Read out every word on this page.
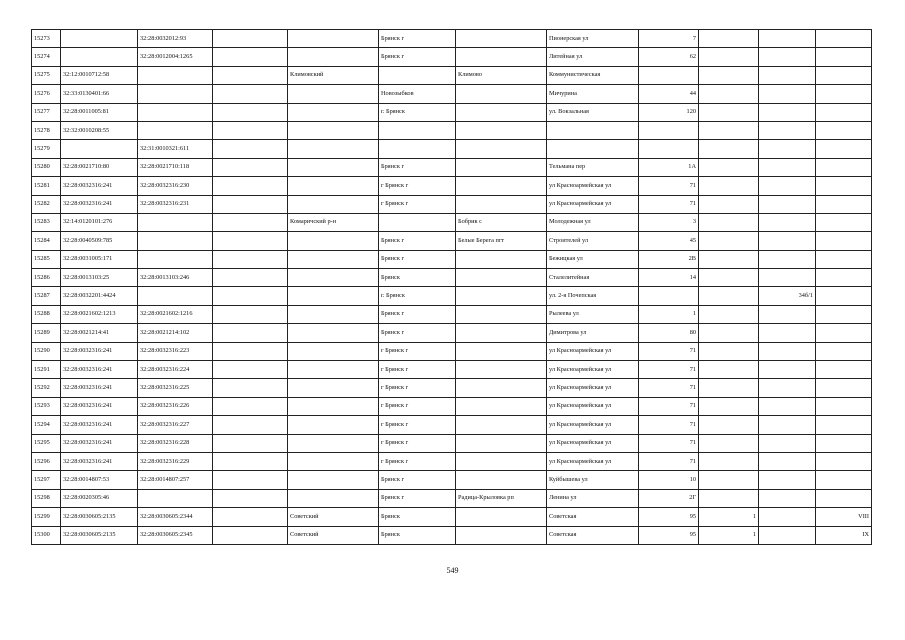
15273		32:28:0032012:93			Брянск г		Пионерская ул	7			
15274		32:28:0012004:1265			Брянск г		Литейная ул	62			
15275	32:12:0010712:58			Климовский		Климово	Коммунистическая				
15276	32:33:0130401:66				Новозыбков		Мичурина	44			
15277	32:28:0011005:81				г. Брянск		ул. Вокзальная	120			
15278	32:32:0010208:55										
15279		32:31:0010321:611									
15280	32:28:0021710:80	32:28:0021710:118			Брянск г		Тельмана пер	1А			
15281	32:28:0032316:241	32:28:0032316:230			г Брянск г		ул Красноармейская ул	71			
15282	32:28:0032316:241	32:28:0032316:231			г Брянск г		ул Красноармейская ул	71			
15283	32:14:0120101:276			Комаричский р-н		Бобрик с	Молодежная ул	3			
15284	32:28:0040509:785				Брянск г	Белые Берега пгт	Строителей ул	45			
15285	32:28:0031005:171				Брянск г		Бежицкая ул	2В			
15286	32:28:0013103:25	32:28:0013103:246			Брянск		Сталелитейная	14			
15287	32:28:0032201:4424				г. Брянск		ул. 2-я Почепская			34б/1	
15288	32:28:0021602:1213	32:28:0021602:1216			Брянск г		Рылеева ул	1			
15289	32:28:0021214:41	32:28:0021214:102			Брянск г		Димитрова ул	80			
15290	32:28:0032316:241	32:28:0032316:223			г Брянск г		ул Красноармейская ул	71			
15291	32:28:0032316:241	32:28:0032316:224			г Брянск г		ул Красноармейская ул	71			
15292	32:28:0032316:241	32:28:0032316:225			г Брянск г		ул Красноармейская ул	71			
15293	32:28:0032316:241	32:28:0032316:226			г Брянск г		ул Красноармейская ул	71			
15294	32:28:0032316:241	32:28:0032316:227			г Брянск г		ул Красноармейская ул	71			
15295	32:28:0032316:241	32:28:0032316:228			г Брянск г		ул Красноармейская ул	71			
15296	32:28:0032316:241	32:28:0032316:229			г Брянск г		ул Красноармейская ул	71			
15297	32:28:0014807:53	32:28:0014807:257			Брянск г		Куйбышева ул	10			
15298	32:28:0020305:46				Брянск г	Радица-Крыловка рп	Ленина ул	2Г			
15299	32:28:0030605:2135	32:28:0030605:2344		Советский	Брянск		Советская	95	1		VIII
15300	32:28:0030605:2135	32:28:0030605:2345		Советский	Брянск		Советская	95	1		IX
549
